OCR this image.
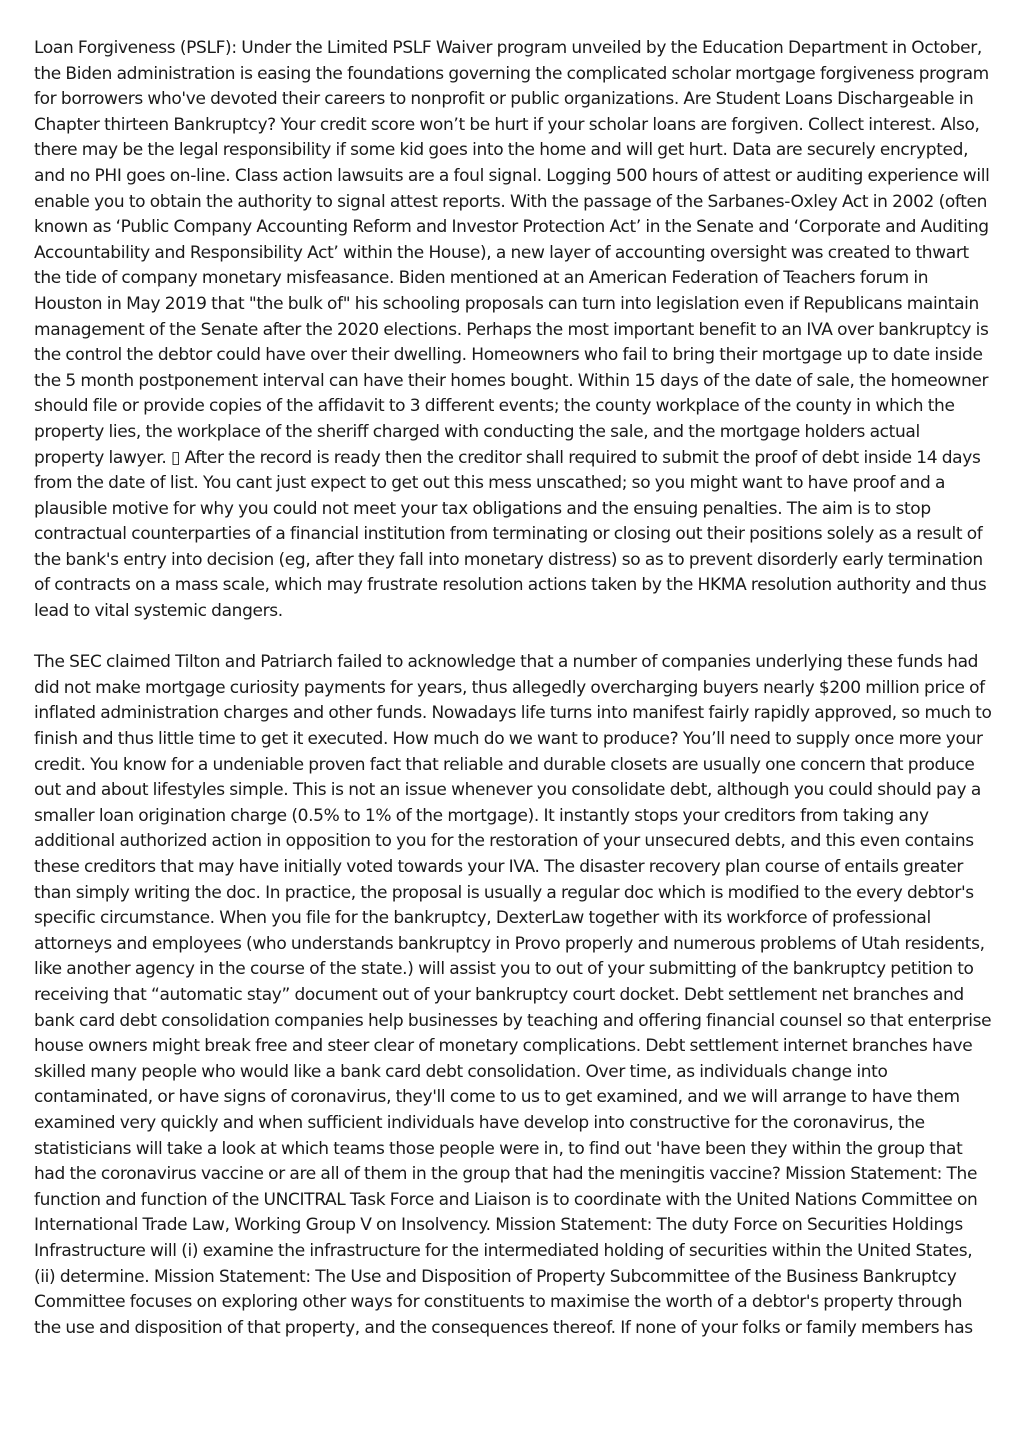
Loan Forgiveness (PSLF): Under the Limited PSLF Waiver program unveiled by the Education Department in October, the Biden administration is easing the foundations governing the complicated scholar mortgage forgiveness program for borrowers who've devoted their careers to nonprofit or public organizations. Are Student Loans Dischargeable in Chapter thirteen Bankruptcy? Your credit score won’t be hurt if your scholar loans are forgiven. Collect interest. Also, there may be the legal responsibility if some kid goes into the home and will get hurt. Data are securely encrypted, and no PHI goes on-line. Class action lawsuits are a foul signal. Logging 500 hours of attest or auditing experience will enable you to obtain the authority to signal attest reports. With the passage of the Sarbanes-Oxley Act in 2002 (often known as ‘Public Company Accounting Reform and Investor Protection Act’ in the Senate and ‘Corporate and Auditing Accountability and Responsibility Act’ within the House), a new layer of accounting oversight was created to thwart the tide of company monetary misfeasance. Biden mentioned at an American Federation of Teachers forum in Houston in May 2019 that "the bulk of" his schooling proposals can turn into legislation even if Republicans maintain management of the Senate after the 2020 elections. Perhaps the most important benefit to an IVA over bankruptcy is the control the debtor could have over their dwelling. Homeowners who fail to bring their mortgage up to date inside the 5 month postponement interval can have their homes bought. Within 15 days of the date of sale, the homeowner should file or provide copies of the affidavit to 3 different events; the county workplace of the county in which the property lies, the workplace of the sheriff charged with conducting the sale, and the mortgage holders actual property lawyer. ▯ After the record is ready then the creditor shall required to submit the proof of debt inside 14 days from the date of list. You cant just expect to get out this mess unscathed; so you might want to have proof and a plausible motive for why you could not meet your tax obligations and the ensuing penalties. The aim is to stop contractual counterparties of a financial institution from terminating or closing out their positions solely as a result of the bank's entry into decision (eg, after they fall into monetary distress) so as to prevent disorderly early termination of contracts on a mass scale, which may frustrate resolution actions taken by the HKMA resolution authority and thus lead to vital systemic dangers.

The SEC claimed Tilton and Patriarch failed to acknowledge that a number of companies underlying these funds had did not make mortgage curiosity payments for years, thus allegedly overcharging buyers nearly $200 million price of inflated administration charges and other funds. Nowadays life turns into manifest fairly rapidly approved, so much to finish and thus little time to get it executed. How much do we want to produce? You’ll need to supply once more your credit. You know for a undeniable proven fact that reliable and durable closets are usually one concern that produce out and about lifestyles simple. This is not an issue whenever you consolidate debt, although you could should pay a smaller loan origination charge (0.5% to 1% of the mortgage). It instantly stops your creditors from taking any additional authorized action in opposition to you for the restoration of your unsecured debts, and this even contains these creditors that may have initially voted towards your IVA. The disaster recovery plan course of entails greater than simply writing the doc. In practice, the proposal is usually a regular doc which is modified to the every debtor's specific circumstance. When you file for the bankruptcy, DexterLaw together with its workforce of professional attorneys and employees (who understands bankruptcy in Provo properly and numerous problems of Utah residents, like another agency in the course of the state.) will assist you to out of your submitting of the bankruptcy petition to receiving that “automatic stay” document out of your bankruptcy court docket. Debt settlement net branches and bank card debt consolidation companies help businesses by teaching and offering financial counsel so that enterprise house owners might break free and steer clear of monetary complications. Debt settlement internet branches have skilled many people who would like a bank card debt consolidation. Over time, as individuals change into contaminated, or have signs of coronavirus, they'll come to us to get examined, and we will arrange to have them examined very quickly and when sufficient individuals have develop into constructive for the coronavirus, the statisticians will take a look at which teams those people were in, to find out 'have been they within the group that had the coronavirus vaccine or are all of them in the group that had the meningitis vaccine? Mission Statement: The function and function of the UNCITRAL Task Force and Liaison is to coordinate with the United Nations Committee on International Trade Law, Working Group V on Insolvency. Mission Statement: The duty Force on Securities Holdings Infrastructure will (i) examine the infrastructure for the intermediated holding of securities within the United States, (ii) determine. Mission Statement: The Use and Disposition of Property Subcommittee of the Business Bankruptcy Committee focuses on exploring other ways for constituents to maximise the worth of a debtor's property through the use and disposition of that property, and the consequences thereof. If none of your folks or family members has
